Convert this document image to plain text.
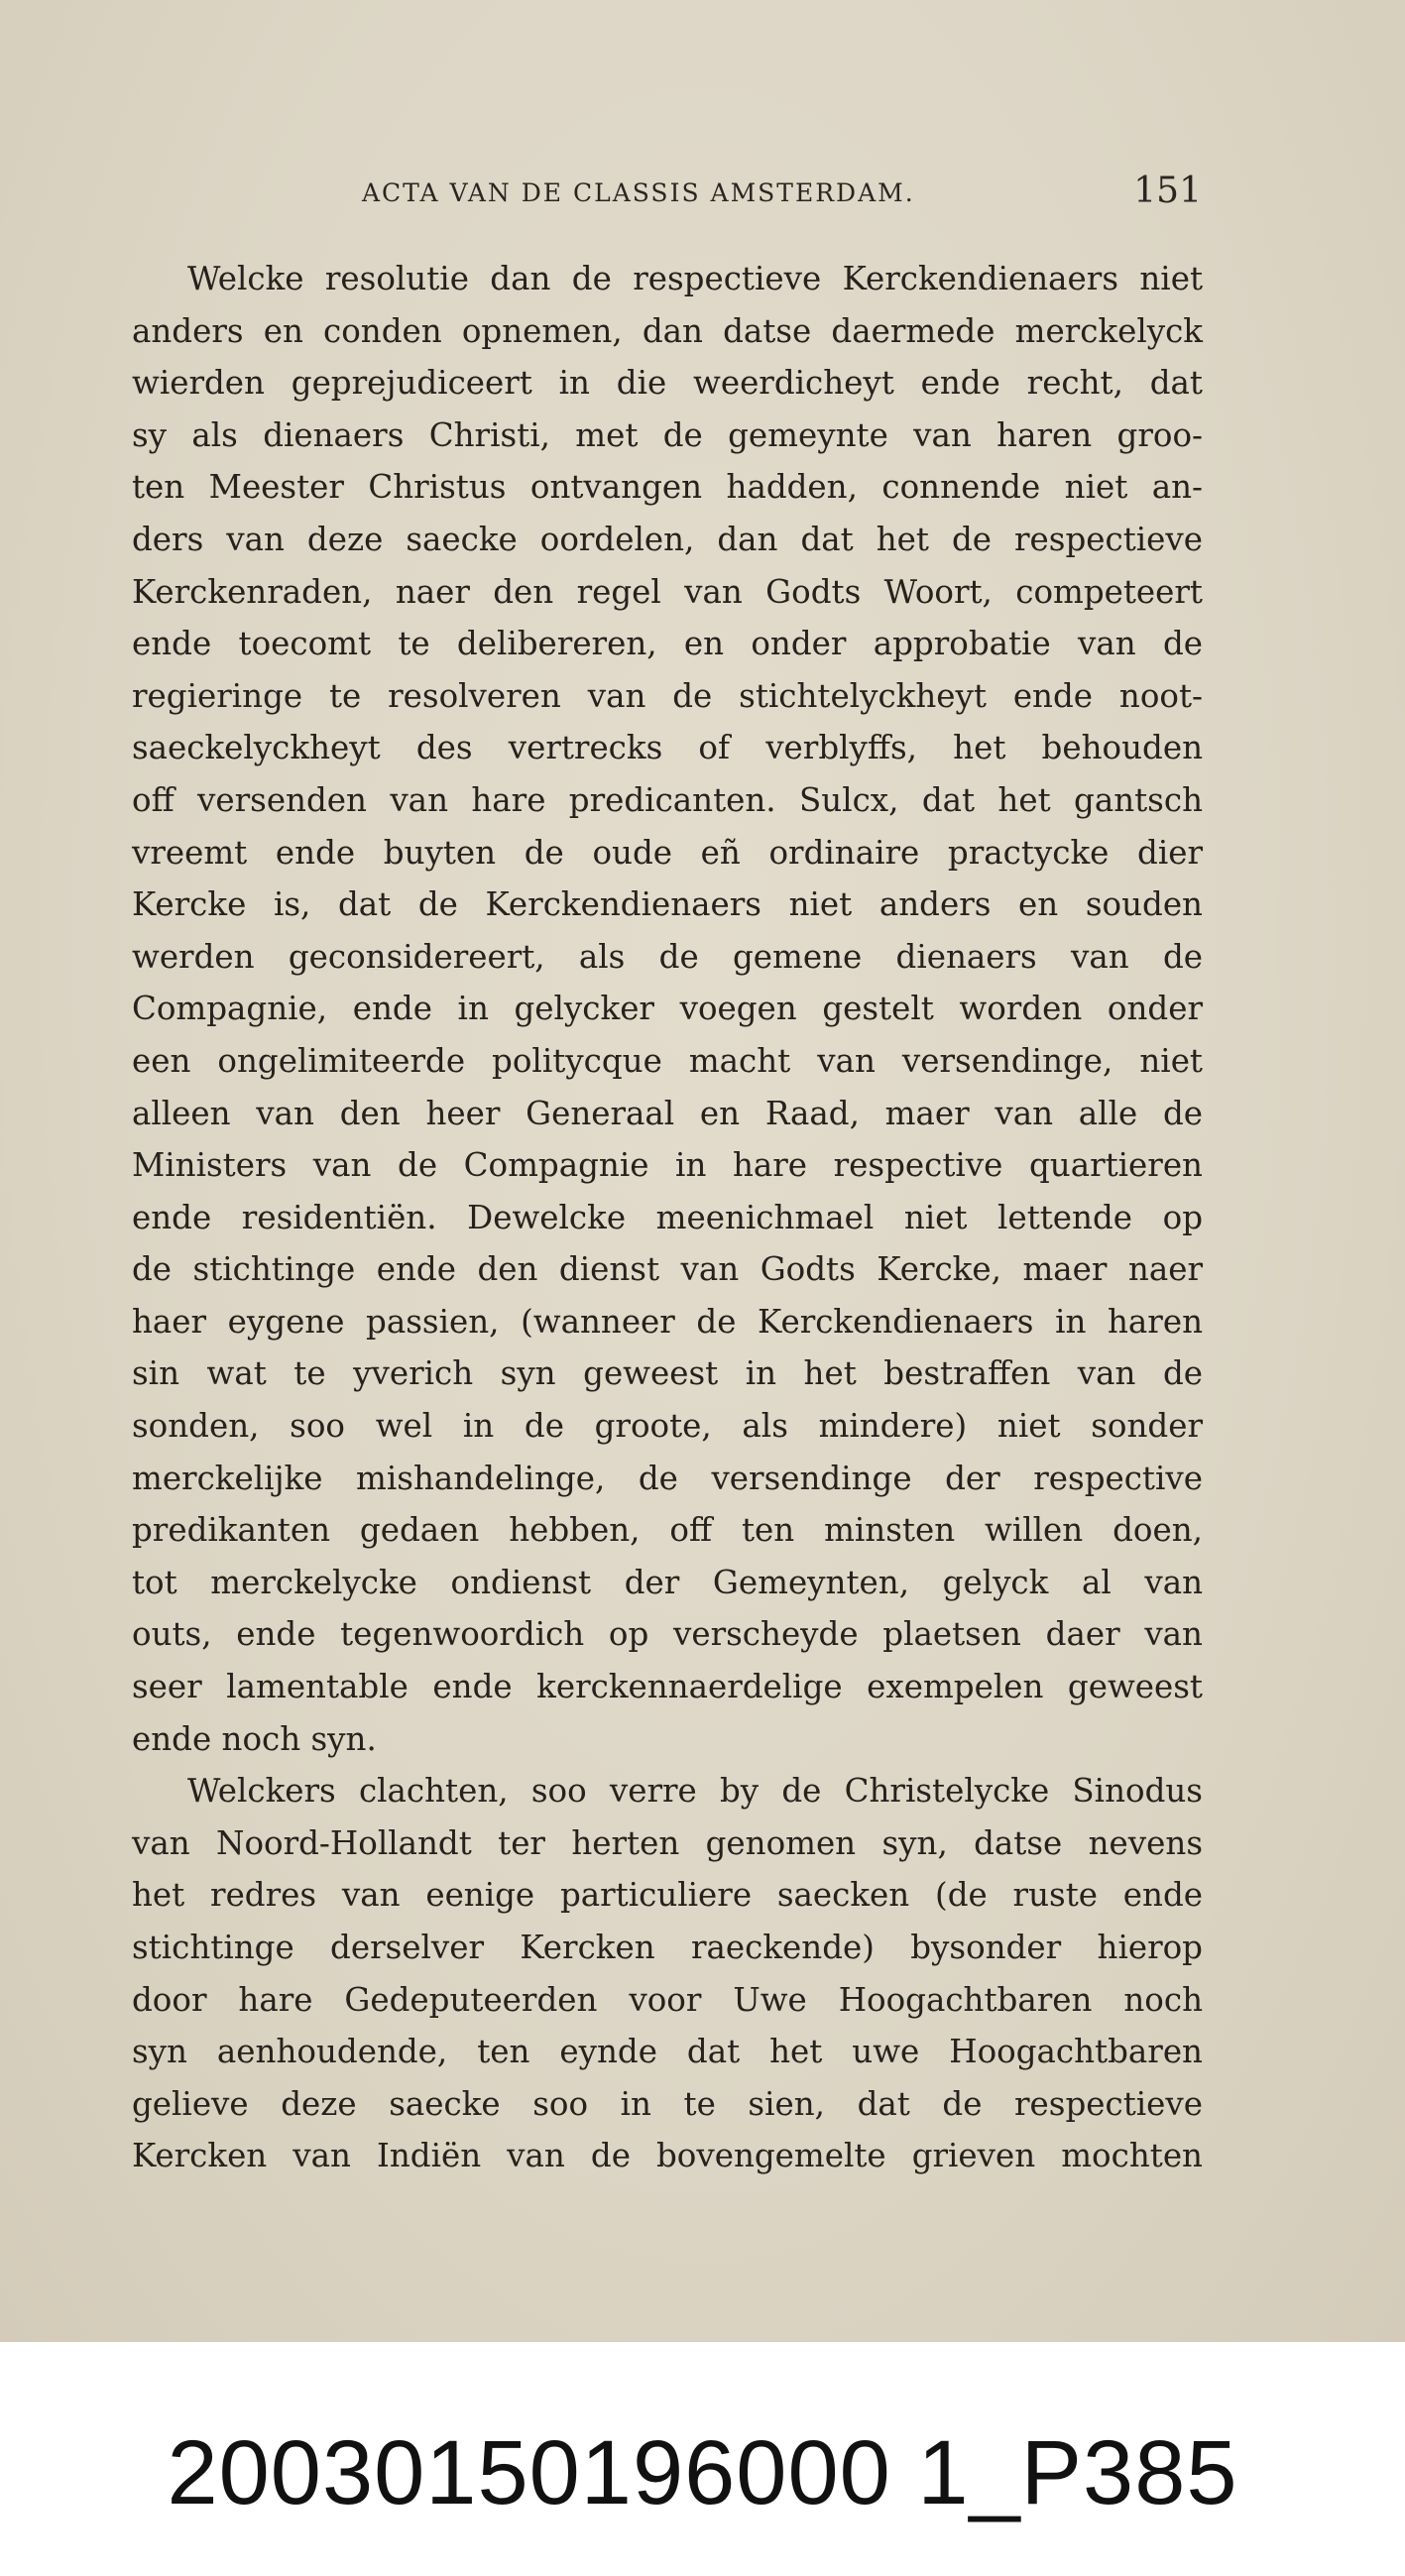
ACTA VAN DE CLASSIS AMSTERDAM.	151
Welcke resolutie dan de respectieve Kerckendienaers niet
anders en conden opnemen, dan datse daermede merckelyck
wierden geprejudiceert in die weerdicheyt ende recht, dat
sy als dienaers Christi, met de gemeynte van haren groo-
ten Meester Christus ontvangen hadden, connende niet an-
ders van deze saecke oordelen, dan dat het de respectieve
Kerckenraden, naer den regel van Godts Woort, competeert
ende toecomt te delibereren, en onder approbatie van de
regieringe te resolveren van de stichtelyckheyt ende noot-
saeckelyckheyt des vertrecks of verblyffs, het behouden
off versenden van hare predicanten. Sulcx, dat het gantsch
vreemt ende buyten de oude eñ ordinaire practycke dier
Kercke is, dat de Kerckendienaers niet anders en souden
werden geconsidereert, als de gemene dienaers van de
Compagnie, ende in gelycker voegen gestelt worden onder
een ongelimiteerde politycque macht van versendinge, niet
alleen van den heer Generaal en Raad, maer van alle de
Ministers van de Compagnie in hare respective quartieren
ende residentiën. Dewelcke meenichmael niet lettende op
de stichtinge ende den dienst van Godts Kercke, maer naer
haer eygene passien, (wanneer de Kerckendienaers in haren
sin wat te yverich syn geweest in het bestraffen van de
sonden, soo wel in de groote, als mindere) niet sonder
merckelijke mishandelinge, de versendinge der respective
predikanten gedaen hebben, off ten minsten willen doen,
tot merckelycke ondienst der Gemeynten, gelyck al van
outs, ende tegenwoordich op verscheyde plaetsen daer van
seer lamentable ende kerckennaerdelige exempelen geweest
ende noch syn.
Welckers clachten, soo verre by de Christelycke Sinodus
van Noord-Hollandt ter herten genomen syn, datse nevens
het redres van eenige particuliere saecken (de ruste ende
stichtinge derselver Kercken raeckende) bysonder hierop
door hare Gedeputeerden voor Uwe Hoogachtbaren noch
syn aenhoudende, ten eynde dat het uwe Hoogachtbaren
gelieve deze saecke soo in te sien, dat de respectieve
Kercken van Indiën van de bovengemelte grieven mochten
20030150196000 1_P385
